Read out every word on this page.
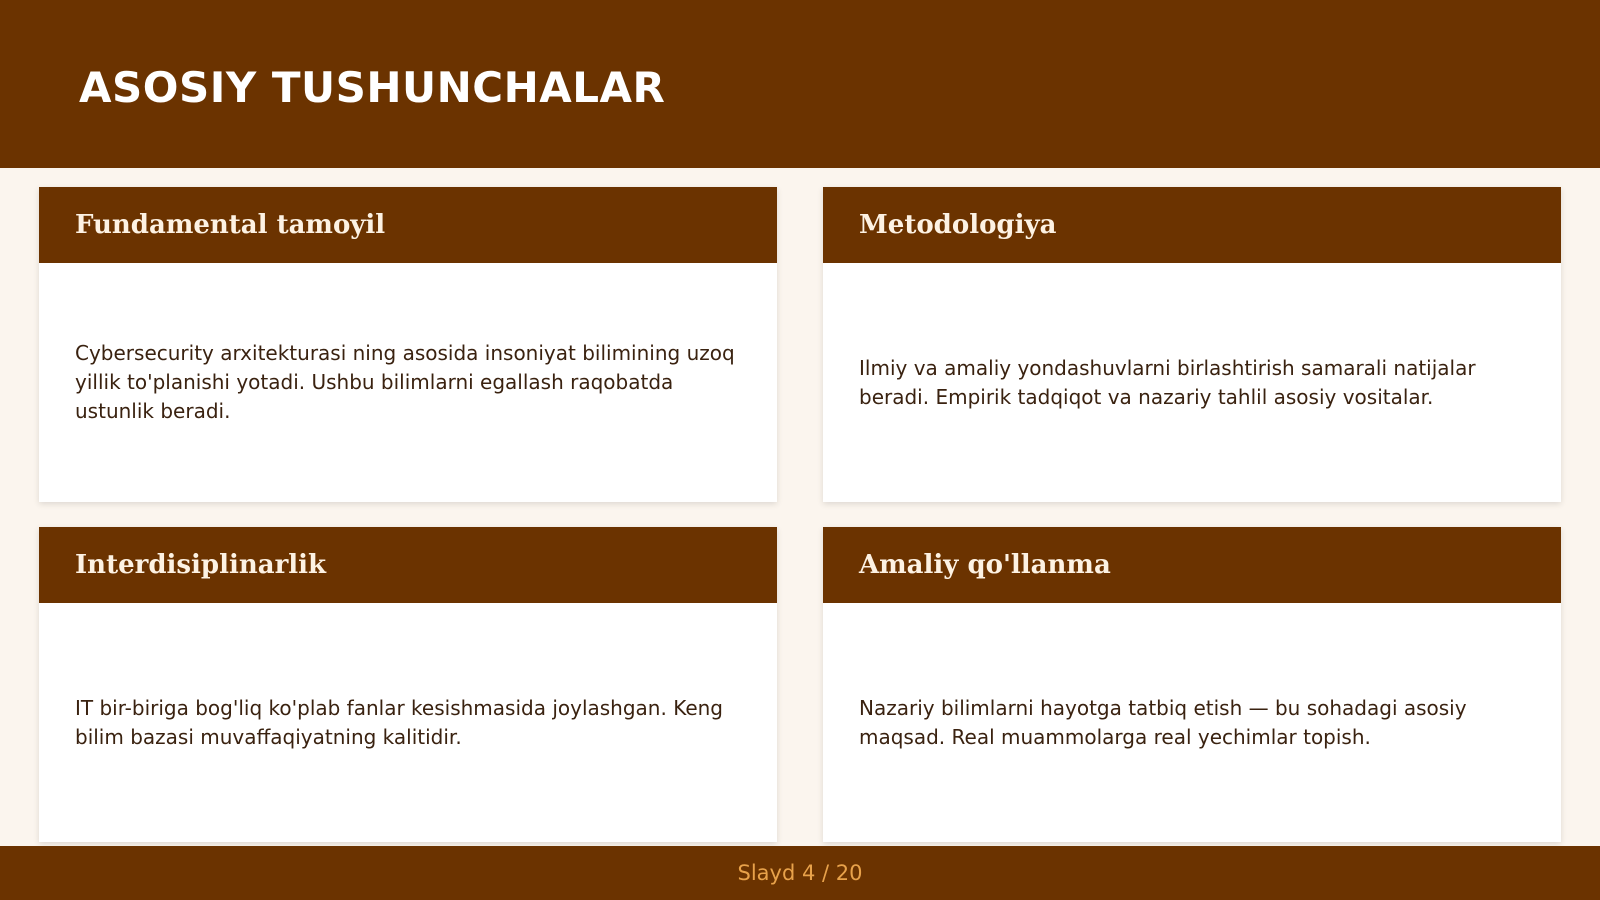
ASOSIY TUSHUNCHALAR
Fundamental tamoyil

Cybersecurity arxitekturasi ning asosida insoniyat bilimining uzoq yillik to'planishi yotadi. Ushbu bilimlarni egallash raqobatda ustunlik beradi.

Metodologiya

Ilmiy va amaliy yondashuvlarni birlashtirish samarali natijalar beradi. Empirik tadqiqot va nazariy tahlil asosiy vositalar.

Interdisiplinarlik

IT bir-biriga bog'liq ko'plab fanlar kesishmasida joylashgan. Keng bilim bazasi muvaffaqiyatning kalitidir.

Amaliy qo'llanma

Nazariy bilimlarni hayotga tatbiq etish — bu sohadagi asosiy maqsad. Real muammolarga real yechimlar topish.

Slayd 4 / 20
